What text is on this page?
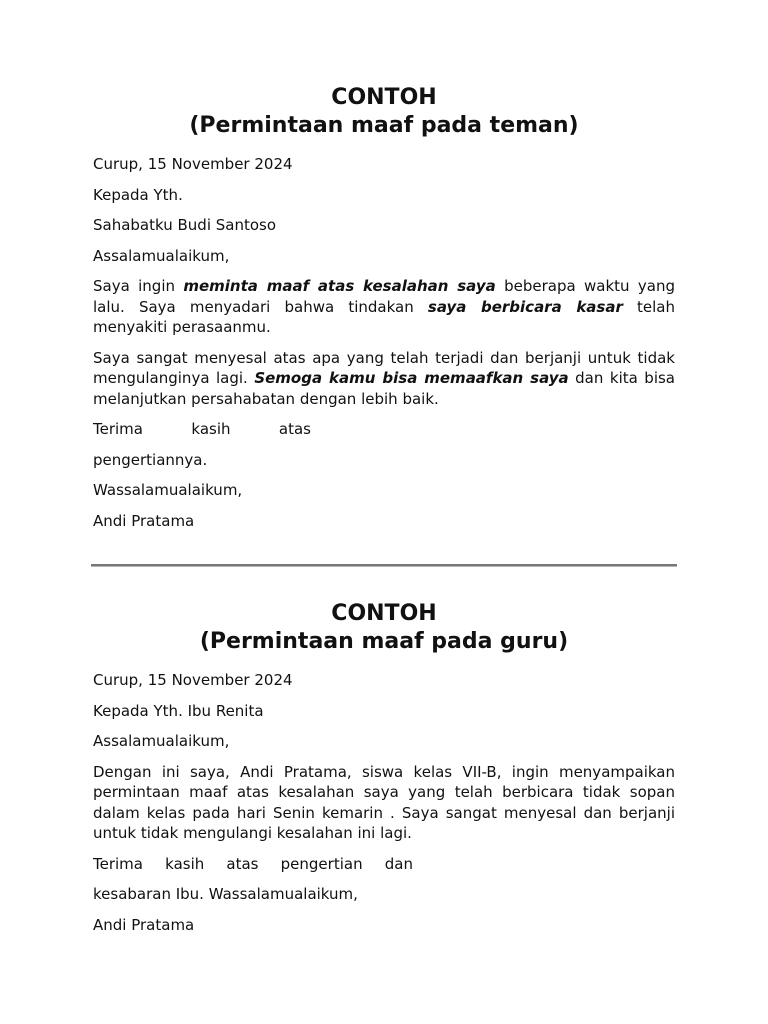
CONTOH
(Permintaan maaf pada teman)

Curup, 15 November 2024

Kepada Yth.

Sahabatku Budi Santoso

Assalamualaikum,

Saya ingin meminta maaf atas kesalahan saya beberapa waktu yang lalu. Saya menyadari bahwa tindakan saya berbicara kasar telah menyakiti perasaanmu.

Saya sangat menyesal atas apa yang telah terjadi dan berjanji untuk tidak mengulanginya lagi. Semoga kamu bisa memaafkan saya dan kita bisa melanjutkan persahabatan dengan lebih baik.

Terima	kasih	atas

pengertiannya.

Wassalamualaikum,

Andi Pratama

CONTOH
(Permintaan maaf pada guru)

Curup, 15 November 2024

Kepada Yth. Ibu Renita

Assalamualaikum,

Dengan ini saya, Andi Pratama, siswa kelas VII-B, ingin menyampaikan permintaan maaf atas kesalahan saya yang telah berbicara tidak sopan dalam kelas pada hari Senin kemarin . Saya sangat menyesal dan berjanji untuk tidak mengulangi kesalahan ini lagi.

Terima kasih atas pengertian dan

kesabaran Ibu. Wassalamualaikum,

Andi Pratama
